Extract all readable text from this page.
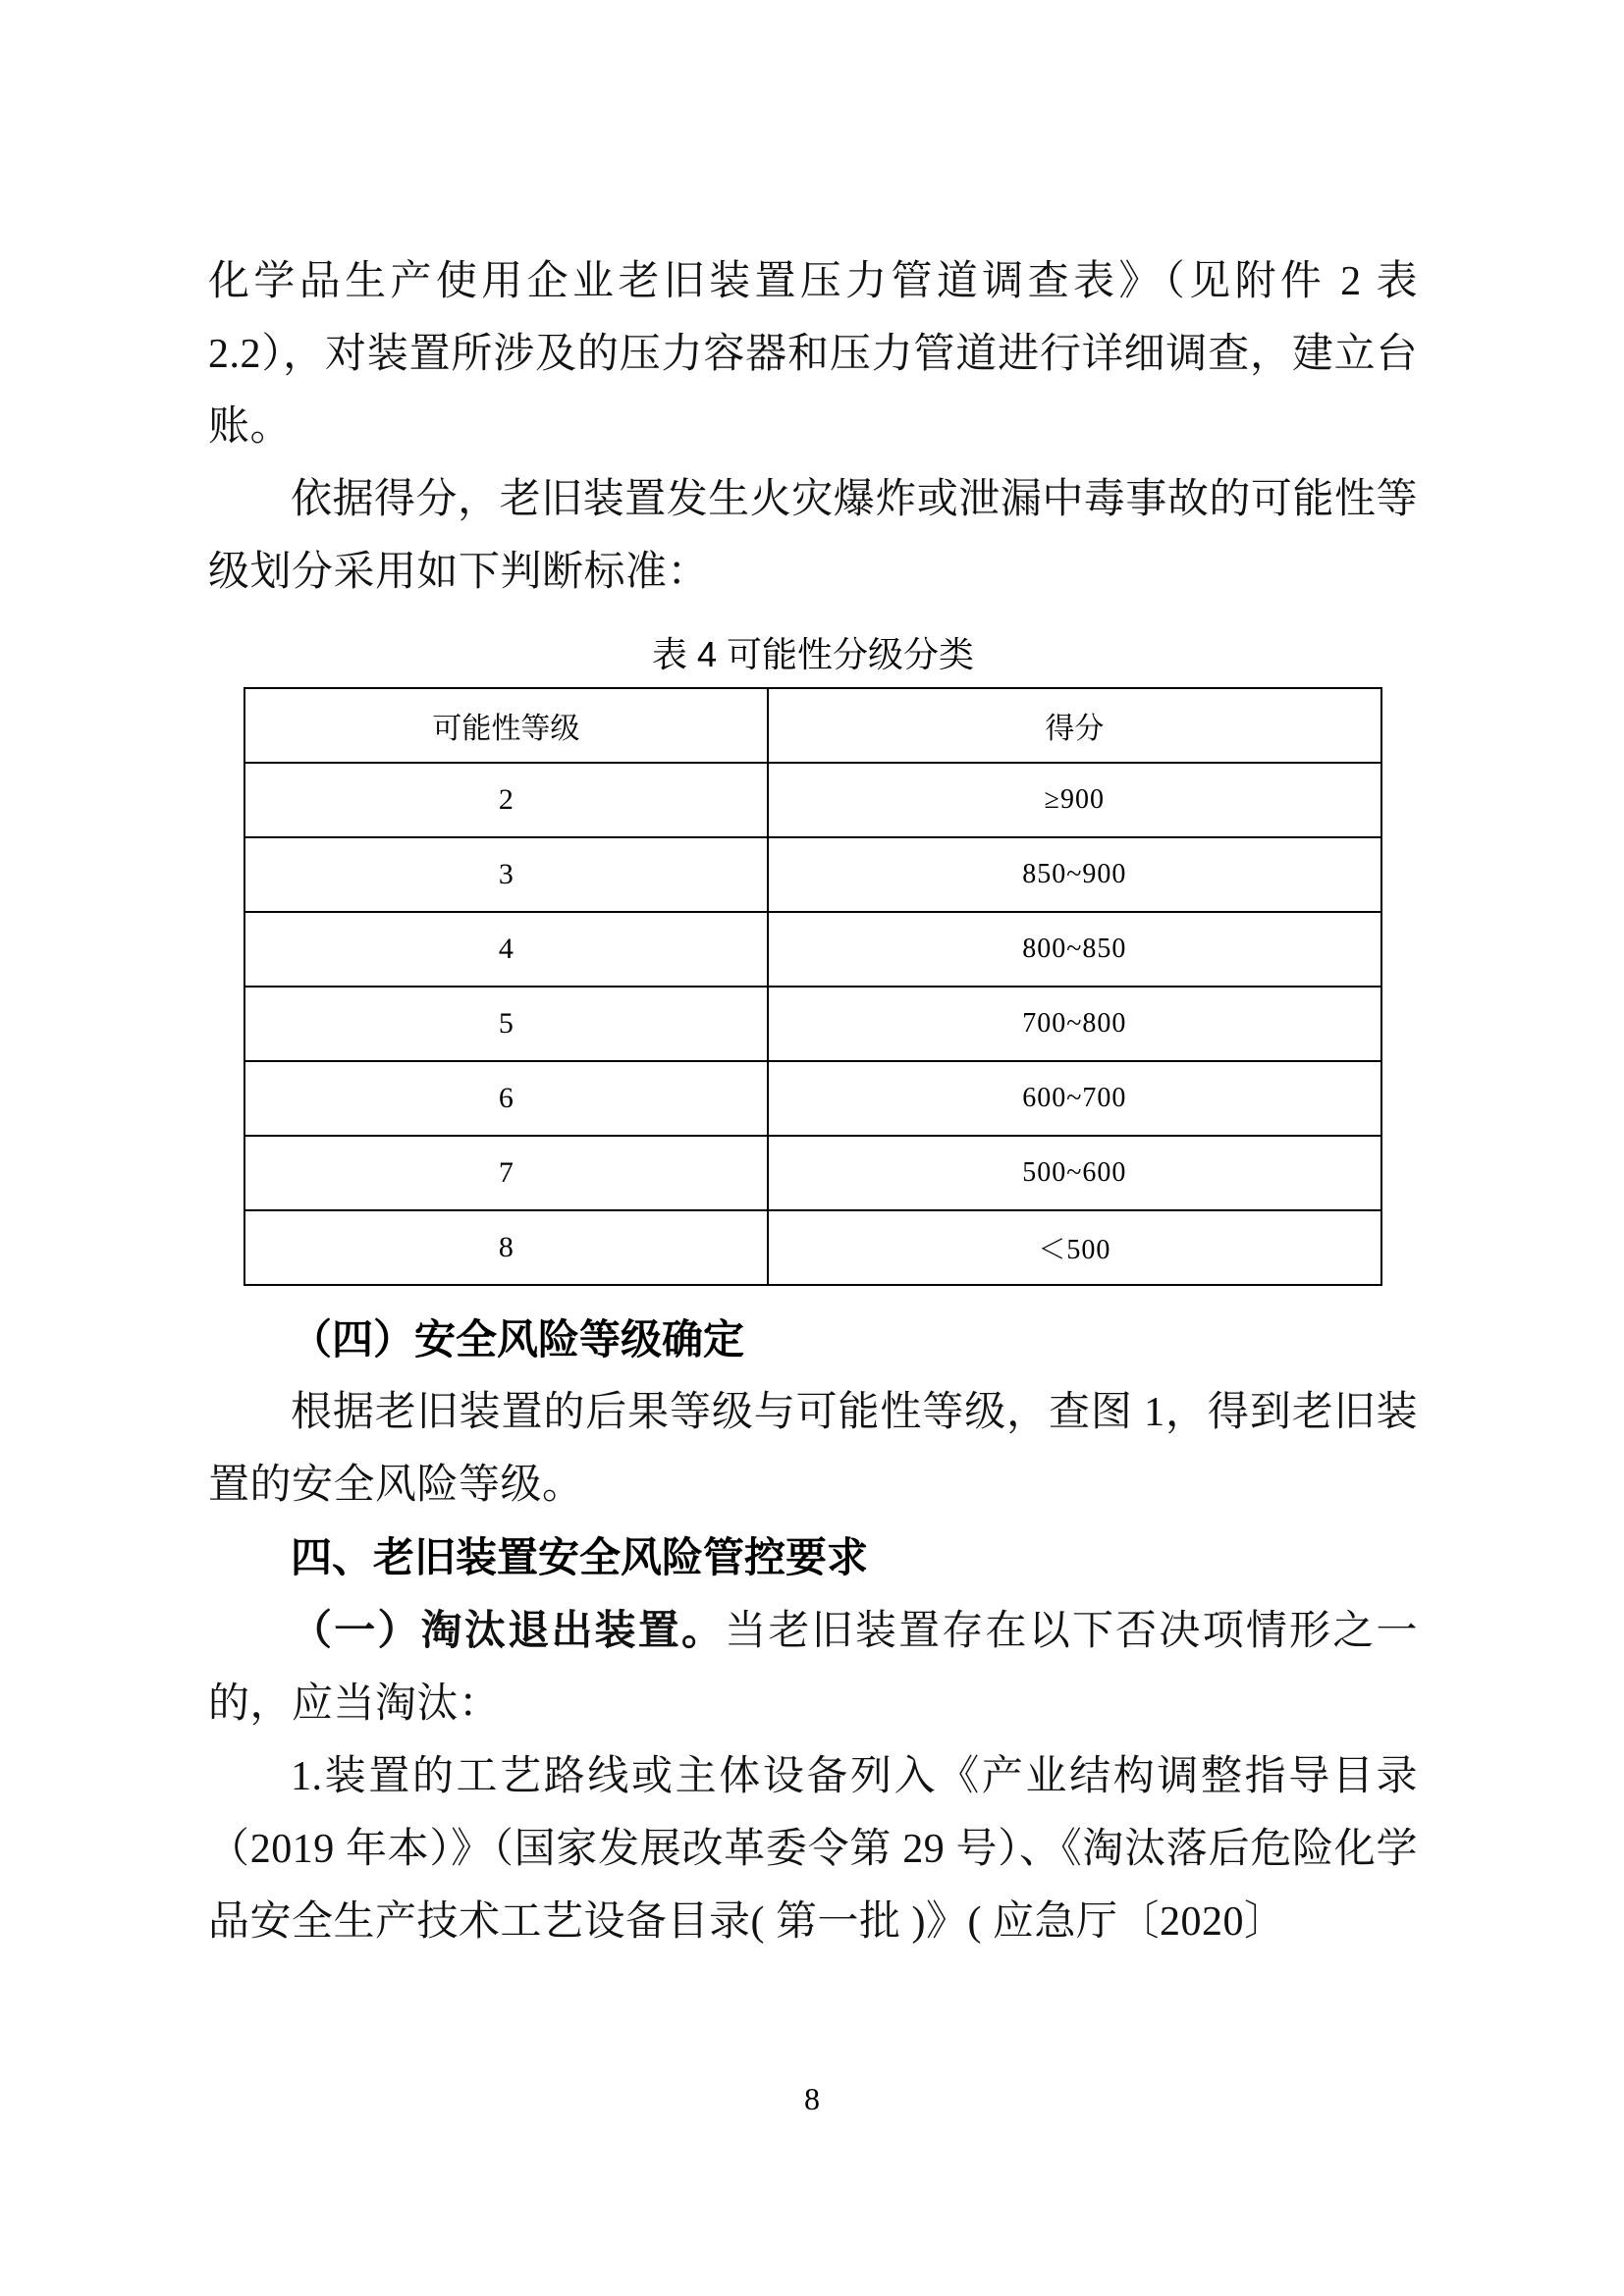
化学品生产使用企业老旧装置压力管道调查表》（见附件 2 表 2.2），对装置所涉及的压力容器和压力管道进行详细调查，建立台账。

依据得分，老旧装置发生火灾爆炸或泄漏中毒事故的可能性等级划分采用如下判断标准：

表 4 可能性分级分类
可能性等级	得分
2	≥900
3	850~900
4	800~850
5	700~800
6	600~700
7	500~600
8	＜500

（四）安全风险等级确定

根据老旧装置的后果等级与可能性等级，查图 1，得到老旧装置的安全风险等级。

四、老旧装置安全风险管控要求

（一）淘汰退出装置。当老旧装置存在以下否决项情形之一的，应当淘汰：

1.装置的工艺路线或主体设备列入《产业结构调整指导目录（2019 年本）》（国家发展改革委令第 29 号）、《淘汰落后危险化学品安全生产技术工艺设备目录( 第一批 )》( 应急厅〔2020〕

8
